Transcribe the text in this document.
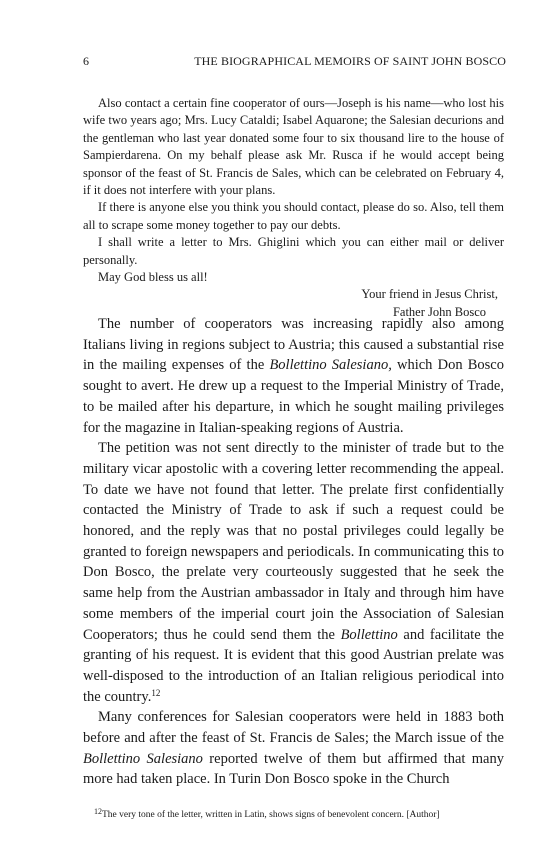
6	THE BIOGRAPHICAL MEMOIRS OF SAINT JOHN BOSCO

Also contact a certain fine cooperator of ours—Joseph is his name—who lost his wife two years ago; Mrs. Lucy Cataldi; Isabel Aquarone; the Salesian decurions and the gentleman who last year donated some four to six thousand lire to the house of Sampierdarena. On my behalf please ask Mr. Rusca if he would accept being sponsor of the feast of St. Francis de Sales, which can be celebrated on February 4, if it does not interfere with your plans.

If there is anyone else you think you should contact, please do so. Also, tell them all to scrape some money together to pay our debts.

I shall write a letter to Mrs. Ghiglini which you can either mail or deliver personally.

May God bless us all!

Your friend in Jesus Christ,

Father John Bosco

The number of cooperators was increasing rapidly also among Italians living in regions subject to Austria; this caused a substantial rise in the mailing expenses of the Bollettino Salesiano, which Don Bosco sought to avert. He drew up a request to the Imperial Ministry of Trade, to be mailed after his departure, in which he sought mailing privileges for the magazine in Italian-speaking regions of Austria.

The petition was not sent directly to the minister of trade but to the military vicar apostolic with a covering letter recommending the appeal. To date we have not found that letter. The prelate first confidentially contacted the Ministry of Trade to ask if such a request could be honored, and the reply was that no postal privileges could legally be granted to foreign newspapers and periodicals. In communicating this to Don Bosco, the prelate very courteously suggested that he seek the same help from the Austrian ambassador in Italy and through him have some members of the imperial court join the Association of Salesian Cooperators; thus he could send them the Bollettino and facilitate the granting of his request. It is evident that this good Austrian prelate was well-disposed to the introduction of an Italian religious periodical into the country.$^{12}$

Many conferences for Salesian cooperators were held in 1883 both before and after the feast of St. Francis de Sales; the March issue of the Bollettino Salesiano reported twelve of them but affirmed that many more had taken place. In Turin Don Bosco spoke in the Church

$^{12}$The very tone of the letter, written in Latin, shows signs of benevolent concern. [Author]
